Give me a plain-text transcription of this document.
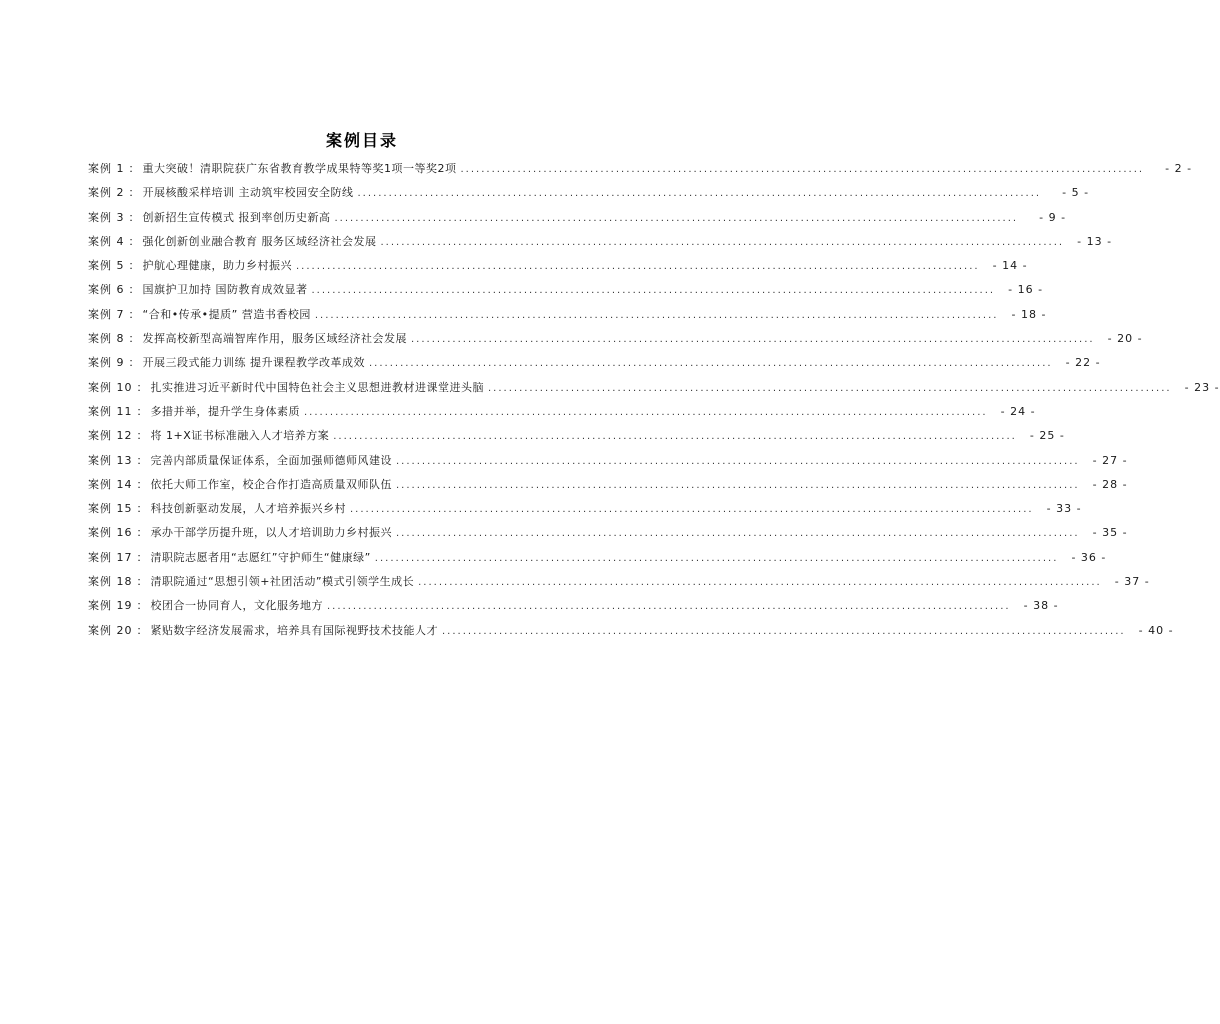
案例目录
案例 1 ： 重大突破！清职院获广东省教育教学成果特等奖1项一等奖2项 .....	- 2 -
案例 2 ： 开展核酸采样培训 主动筑牢校园安全防线 .....	- 5 -
案例 3 ： 创新招生宣传模式 报到率创历史新高 .....	- 9 -
案例 4 ： 强化创新创业融合教育 服务区域经济社会发展 .....	- 13 -
案例 5 ： 护航心理健康，助力乡村振兴 .....	- 14 -
案例 6 ： 国旗护卫加持 国防教育成效显著 .....	- 16 -
案例 7 ： “合和•传承•提质” 营造书香校园 .....	- 18 -
案例 8 ： 发挥高校新型高端智库作用，服务区域经济社会发展 .....	- 20 -
案例 9 ： 开展三段式能力训练 提升课程教学改革成效 .....	- 22 -
案例 10 ： 扎实推进习近平新时代中国特色社会主义思想进教材进课堂进头脑 .....	- 23 -
案例 11 ： 多措并举，提升学生身体素质 .....	- 24 -
案例 12 ： 将 1+X证书标准融入人才培养方案 .....	- 25 -
案例 13 ： 完善内部质量保证体系，全面加强师德师风建设 .....	- 27 -
案例 14 ： 依托大师工作室，校企合作打造高质量双师队伍 .....	- 28 -
案例 15 ： 科技创新驱动发展，人才培养振兴乡村 .....	- 33 -
案例 16 ： 承办干部学历提升班，以人才培训助力乡村振兴 .....	- 35 -
案例 17 ： 清职院志愿者用“志愿红”守护师生“健康绿” .....	- 36 -
案例 18 ： 清职院通过“思想引领+社团活动”模式引领学生成长 .....	- 37 -
案例 19 ： 校团合一协同育人，文化服务地方 .....	- 38 -
案例 20 ： 紧贴数字经济发展需求，培养具有国际视野技术技能人才 .....	- 40 -
